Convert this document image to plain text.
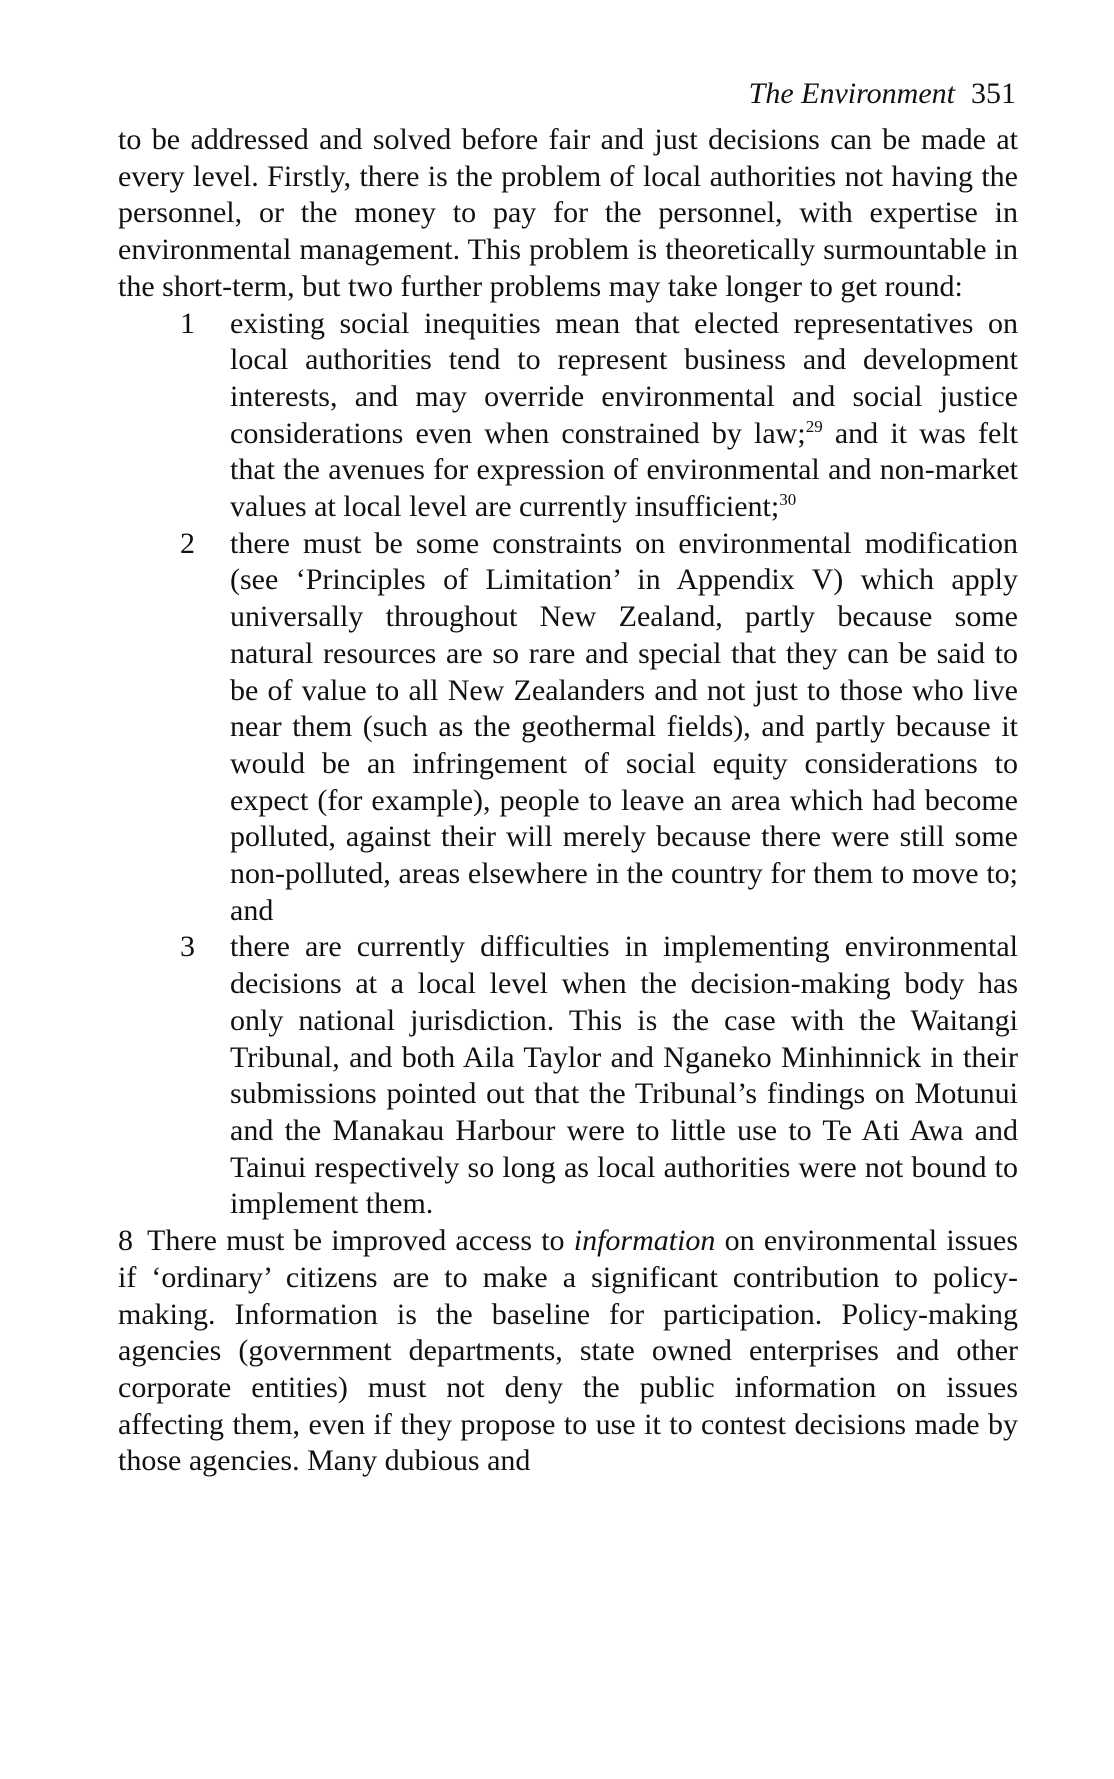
The Environment 351

to be addressed and solved before fair and just decisions can be made at every level. Firstly, there is the problem of local authorities not having the personnel, or the money to pay for the personnel, with expertise in environmental management. This problem is theoretically surmountable in the short-term, but two further problems may take longer to get round:

1 existing social inequities mean that elected representatives on local authorities tend to represent business and development interests, and may override environmental and social justice considerations even when constrained by law;$^{29}$ and it was felt that the avenues for expression of environmental and non-market values at local level are currently insufficient;$^{30}$
2 there must be some constraints on environmental modification (see ‘Principles of Limitation’ in Appendix V) which apply universally throughout New Zealand, partly because some natural resources are so rare and special that they can be said to be of value to all New Zealanders and not just to those who live near them (such as the geothermal fields), and partly because it would be an infringement of social equity considerations to expect (for example), people to leave an area which had become polluted, against their will merely because there were still some non-polluted, areas elsewhere in the country for them to move to; and
3 there are currently difficulties in implementing environmental decisions at a local level when the decision-making body has only national jurisdiction. This is the case with the Waitangi Tribunal, and both Aila Taylor and Nganeko Minhinnick in their submissions pointed out that the Tribunal’s findings on Motunui and the Manakau Harbour were to little use to Te Ati Awa and Tainui respectively so long as local authorities were not bound to implement them.

8 There must be improved access to information on environmental issues if ‘ordinary’ citizens are to make a significant contribution to policy-making. Information is the baseline for participation. Policy-making agencies (government departments, state owned enterprises and other corporate entities) must not deny the public information on issues affecting them, even if they propose to use it to contest decisions made by those agencies. Many dubious and
